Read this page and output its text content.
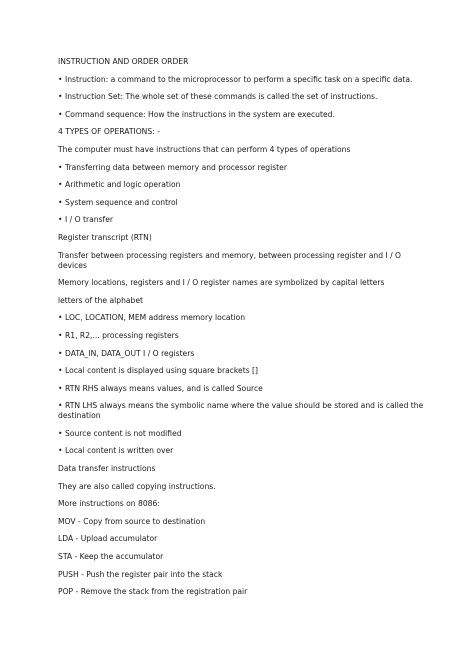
INSTRUCTION AND ORDER ORDER

• Instruction: a command to the microprocessor to perform a specific task on a specific data.

• Instruction Set: The whole set of these commands is called the set of instructions.

• Command sequence: How the instructions in the system are executed.

4 TYPES OF OPERATIONS: -

The computer must have instructions that can perform 4 types of operations

• Transferring data between memory and processor register

• Arithmetic and logic operation

• System sequence and control

• I / O transfer

Register transcript (RTN)

Transfer between processing registers and memory, between processing register and I / O devices

Memory locations, registers and I / O register names are symbolized by capital letters

letters of the alphabet

• LOC, LOCATION, MEM address memory location

• R1, R2,... processing registers

• DATA_IN, DATA_OUT I / O registers

• Local content is displayed using square brackets []

• RTN RHS always means values, and is called Source

• RTN LHS always means the symbolic name where the value should be stored and is called the destination

• Source content is not modified

• Local content is written over

Data transfer instructions

They are also called copying instructions.

More instructions on 8086:

MOV - Copy from source to destination

LDA - Upload accumulator

STA - Keep the accumulator

PUSH - Push the register pair into the stack

POP - Remove the stack from the registration pair
